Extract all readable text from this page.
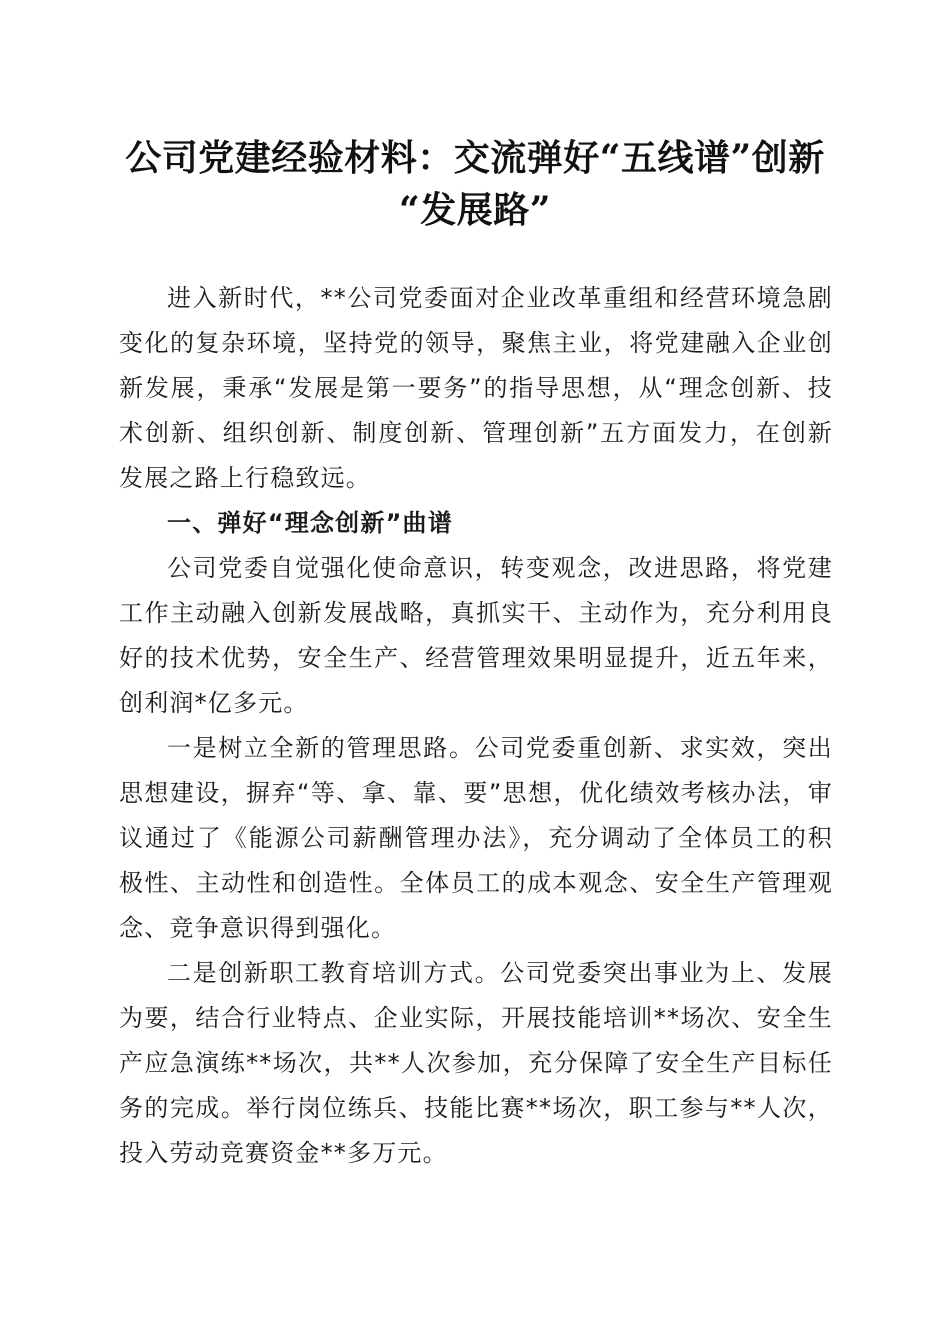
公司党建经验材料：交流弹好“五线谱”创新
“发展路”

进入新时代，**公司党委面对企业改革重组和经营环境急剧变化的复杂环境，坚持党的领导，聚焦主业，将党建融入企业创新发展，秉承“发展是第一要务”的指导思想，从“理念创新、技术创新、组织创新、制度创新、管理创新”五方面发力，在创新发展之路上行稳致远。

一、弹好“理念创新”曲谱

公司党委自觉强化使命意识，转变观念，改进思路，将党建工作主动融入创新发展战略，真抓实干、主动作为，充分利用良好的技术优势，安全生产、经营管理效果明显提升，近五年来，创利润*亿多元。

一是树立全新的管理思路。公司党委重创新、求实效，突出思想建设，摒弃“等、拿、靠、要”思想，优化绩效考核办法，审议通过了《能源公司薪酬管理办法》，充分调动了全体员工的积极性、主动性和创造性。全体员工的成本观念、安全生产管理观念、竞争意识得到强化。

二是创新职工教育培训方式。公司党委突出事业为上、发展为要，结合行业特点、企业实际，开展技能培训**场次、安全生产应急演练**场次，共**人次参加，充分保障了安全生产目标任务的完成。举行岗位练兵、技能比赛**场次，职工参与**人次，投入劳动竞赛资金**多万元。
